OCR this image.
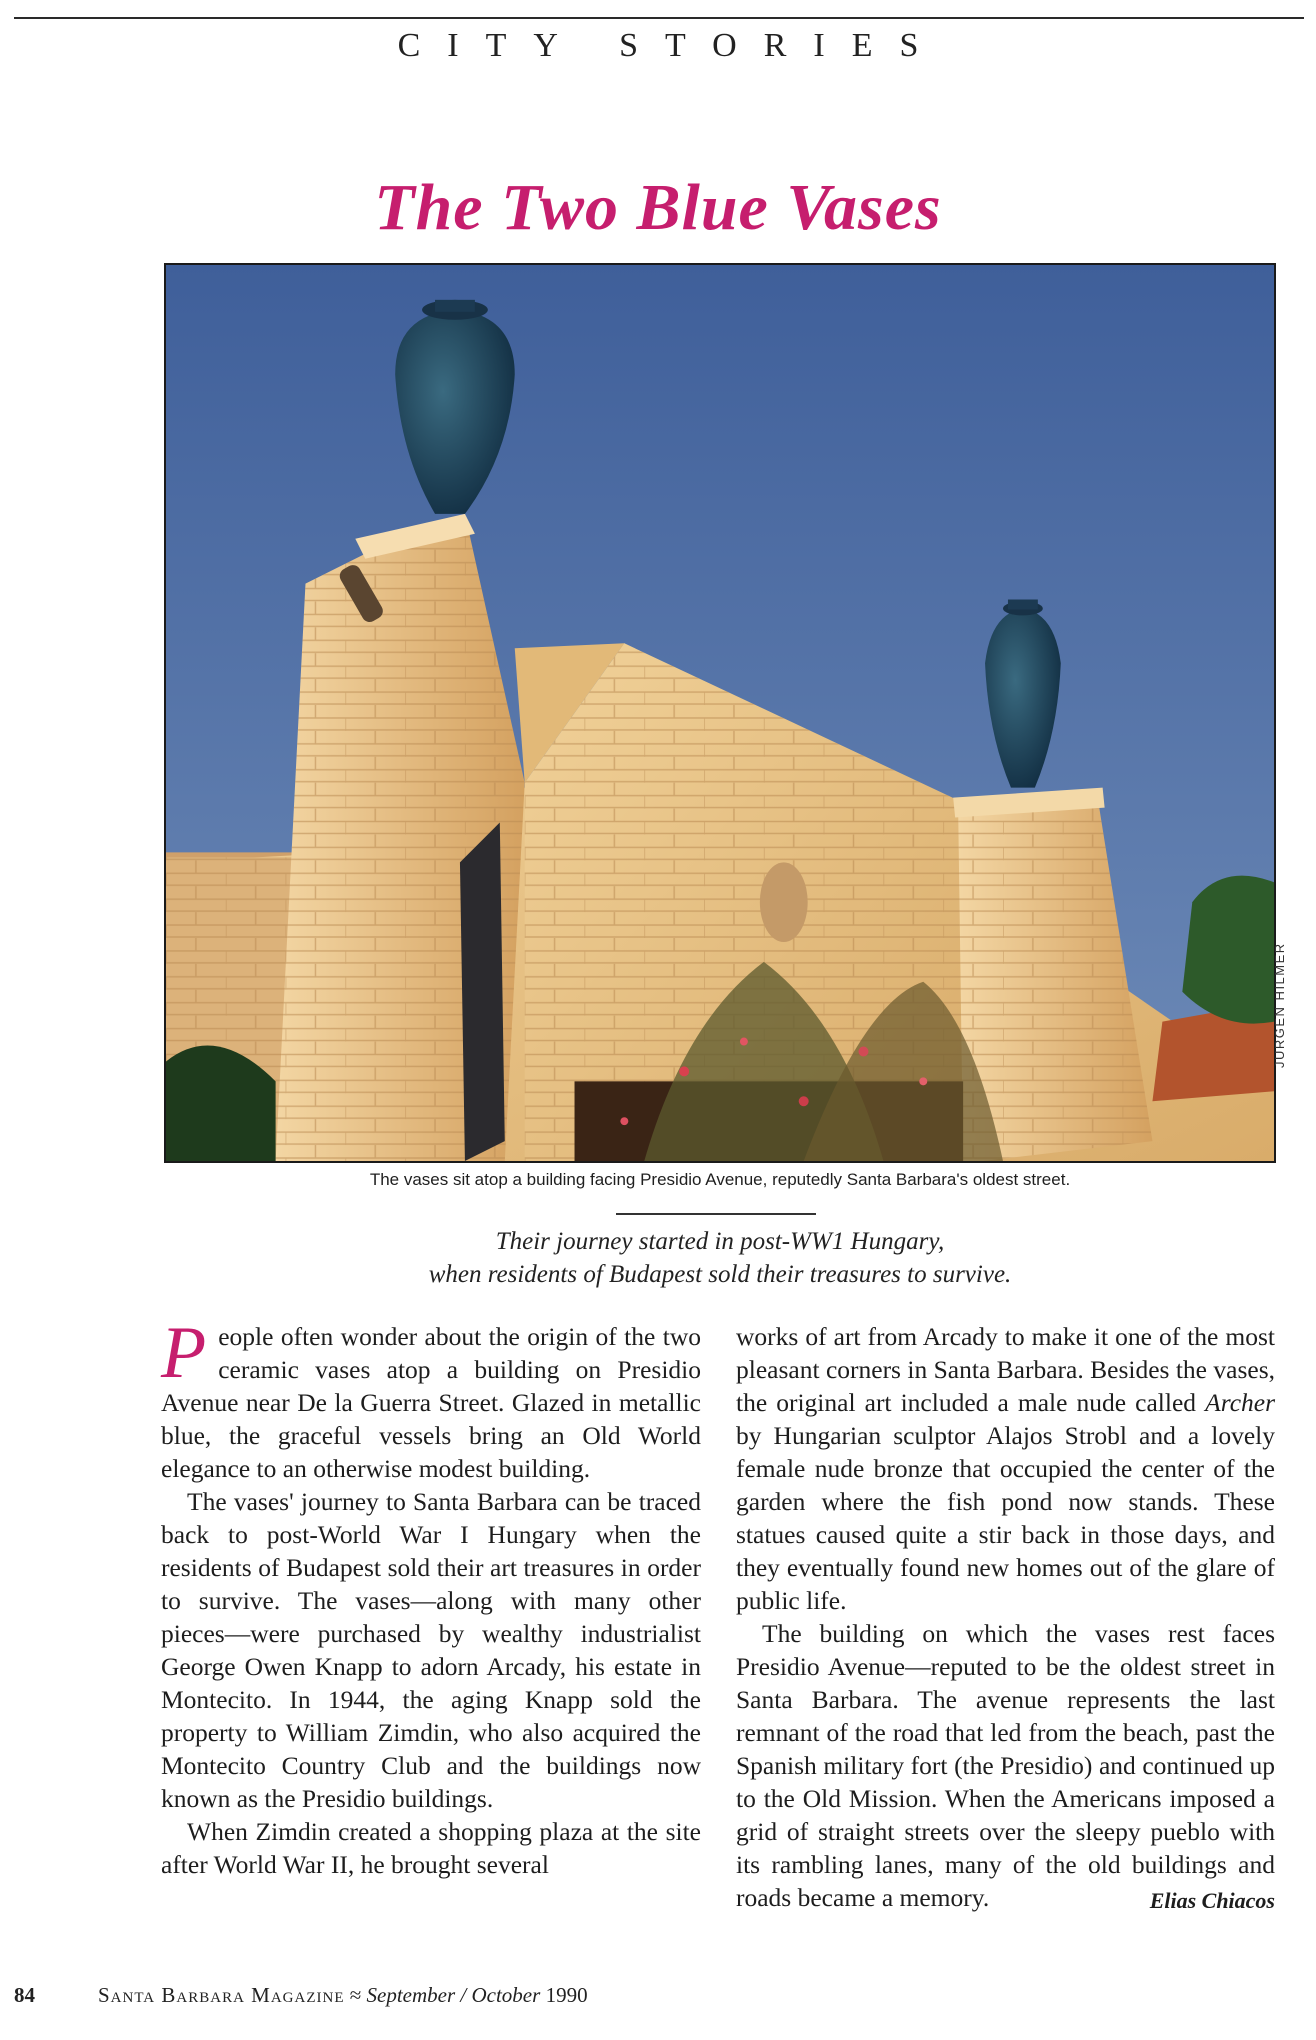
CITY STORIES
The Two Blue Vases
JURGEN HILMER
The vases sit atop a building facing Presidio Avenue, reputedly Santa Barbara's oldest street.
Their journey started in post-WW1 Hungary,
when residents of Budapest sold their treasures to survive.

People often wonder about the origin of the two ceramic vases atop a building on Presidio Avenue near De la Guerra Street. Glazed in metallic blue, the graceful vessels bring an Old World elegance to an otherwise modest building.

The vases' journey to Santa Barbara can be traced back to post-World War I Hungary when the residents of Budapest sold their art treasures in order to survive. The vases—along with many other pieces—were purchased by wealthy industrialist George Owen Knapp to adorn Arcady, his estate in Montecito. In 1944, the aging Knapp sold the property to William Zimdin, who also acquired the Montecito Country Club and the buildings now known as the Presidio buildings.

When Zimdin created a shopping plaza at the site after World War II, he brought several

works of art from Arcady to make it one of the most pleasant corners in Santa Barbara. Besides the vases, the original art included a male nude called Archer by Hungarian sculptor Alajos Strobl and a lovely female nude bronze that occupied the center of the garden where the fish pond now stands. These statues caused quite a stir back in those days, and they eventually found new homes out of the glare of public life.

The building on which the vases rest faces Presidio Avenue—reputed to be the oldest street in Santa Barbara. The avenue represents the last remnant of the road that led from the beach, past the Spanish military fort (the Presidio) and continued up to the Old Mission. When the Americans imposed a grid of straight streets over the sleepy pueblo with its rambling lanes, many of the old buildings and roads became a memory.	Elias Chiacos

84	Santa Barbara Magazine ≈ September / October 1990
